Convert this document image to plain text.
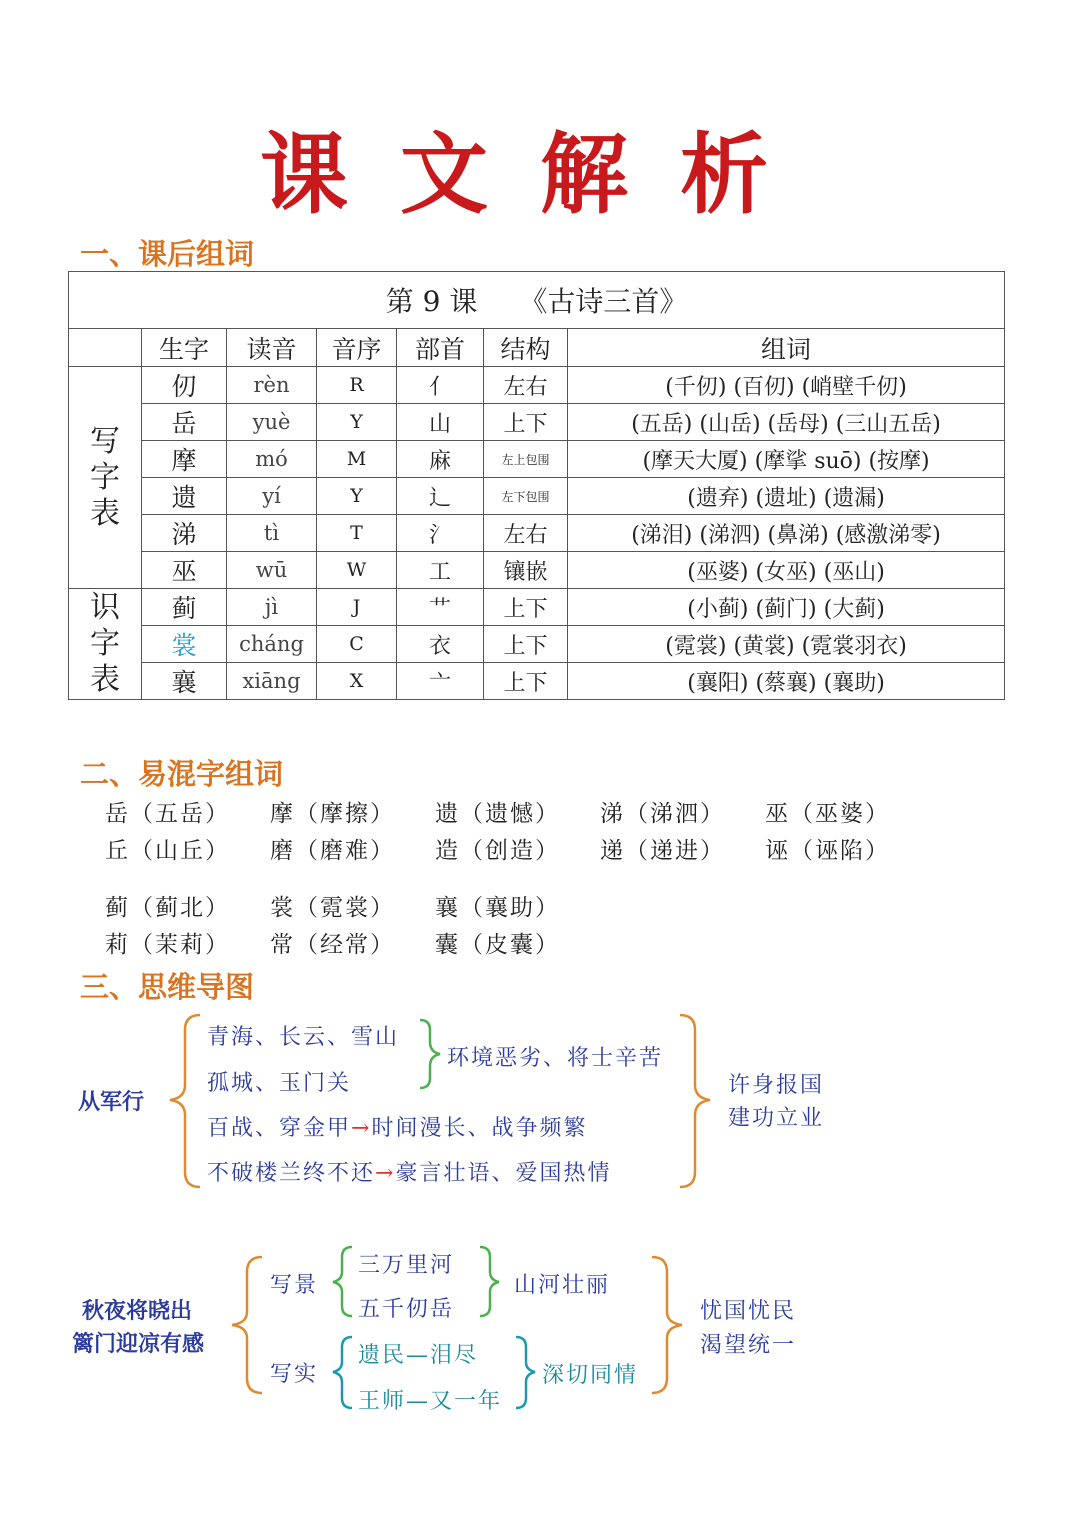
课文解析
一、课后组词
第 9 课　　《古诗三首》						
	生字	读音	音序	部首	结构	组词

写
字
表	仞	rèn	R	亻	左右	(千仞) (百仞) (峭壁千仞)
	岳	yuè	Y	山	上下	(五岳) (山岳) (岳母) (三山五岳)
	摩	mó	M	麻	左上包围	(摩天大厦) (摩挲 suō) (按摩)
	遗	yí	Y	辶	左下包围	(遗弃) (遗址) (遗漏)
	涕	tì	T	氵	左右	(涕泪) (涕泗) (鼻涕) (感激涕零)
	巫	wū	W	工	镶嵌	(巫婆) (女巫) (巫山)

识
字
表	蓟	jì	J	艹	上下	(小蓟) (蓟门) (大蓟)
	裳	cháng	C	衣	上下	(霓裳) (黄裳) (霓裳羽衣)
	襄	xiāng	X	亠	上下	(襄阳) (蔡襄) (襄助)
二、易混字组词
岳（五岳） 摩（摩擦） 遗（遗憾） 涕（涕泗） 巫（巫婆）
丘（山丘） 磨（磨难） 造（创造） 递（递进） 诬（诬陷）
蓟（蓟北） 裳（霓裳） 襄（襄助）
莉（茉莉） 常（经常） 囊（皮囊）
三、思维导图
从军行
青海、长云、雪山
孤城、玉门关
环境恶劣、将士辛苦
百战、穿金甲→时间漫长、战争频繁
不破楼兰终不还→豪言壮语、爱国热情
许身报国
建功立业
秋夜将晓出
篱门迎凉有感
写景
写实
三万里河
五千仞岳
山河壮丽
遗民—泪尽
王师—又一年
深切同情
忧国忧民
渴望统一
